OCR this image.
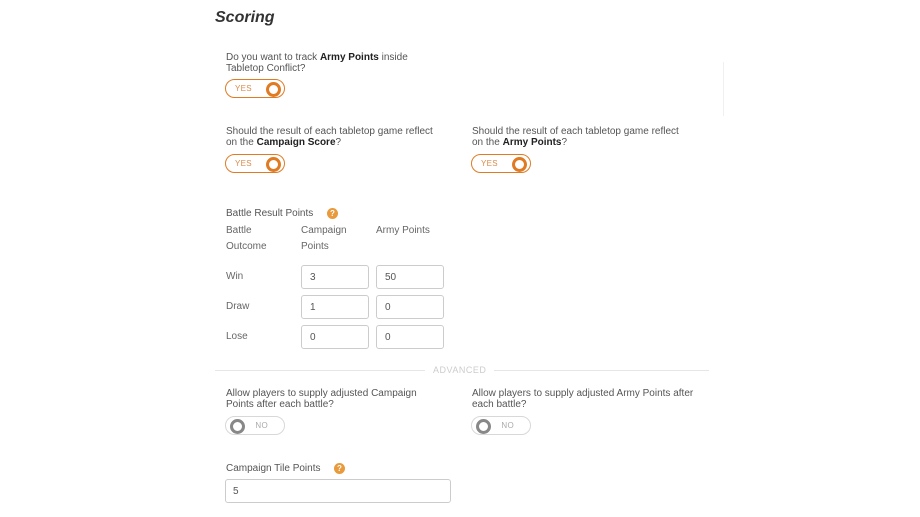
Scoring
Do you want to track Army Points inside Tabletop Conflict?
YES
Should the result of each tabletop game reflect on the Campaign Score?
YES
Should the result of each tabletop game reflect on the Army Points?
YES
Battle Result Points	?
Battle Outcome
Campaign Points
Army Points
Win
3
50
Draw
1
0
Lose
0
0
ADVANCED
Allow players to supply adjusted Campaign Points after each battle?
NO
Allow players to supply adjusted Army Points after each battle?
NO
Campaign Tile Points	?
5
